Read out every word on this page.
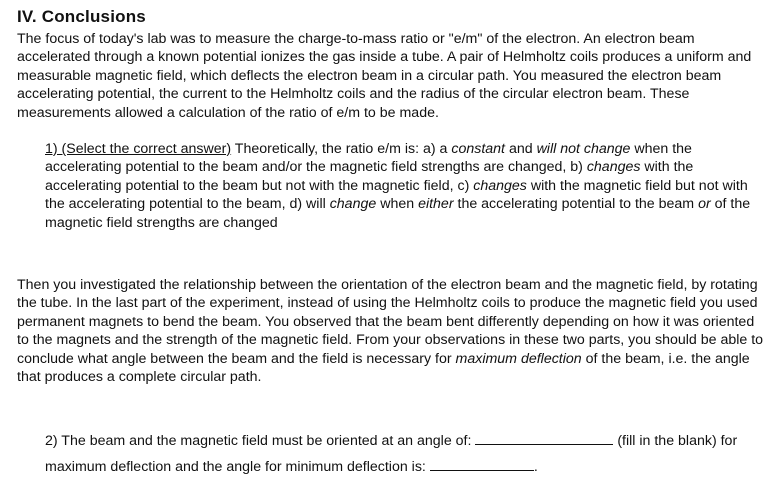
IV. Conclusions

The focus of today's lab was to measure the charge-to-mass ratio or "e/m" of the electron. An electron beam accelerated through a known potential ionizes the gas inside a tube. A pair of Helmholtz coils produces a uniform and measurable magnetic field, which deflects the electron beam in a circular path. You measured the electron beam accelerating potential, the current to the Helmholtz coils and the radius of the circular electron beam. These measurements allowed a calculation of the ratio of e/m to be made.

1) (Select the correct answer) Theoretically, the ratio e/m is: a) a constant and will not change when the accelerating potential to the beam and/or the magnetic field strengths are changed, b) changes with the accelerating potential to the beam but not with the magnetic field, c) changes with the magnetic field but not with the accelerating potential to the beam, d) will change when either the accelerating potential to the beam or of the magnetic field strengths are changed

Then you investigated the relationship between the orientation of the electron beam and the magnetic field, by rotating the tube. In the last part of the experiment, instead of using the Helmholtz coils to produce the magnetic field you used permanent magnets to bend the beam. You observed that the beam bent differently depending on how it was oriented to the magnets and the strength of the magnetic field. From your observations in these two parts, you should be able to conclude what angle between the beam and the field is necessary for maximum deflection of the beam, i.e. the angle that produces a complete circular path.

2) The beam and the magnetic field must be oriented at an angle of:	(fill in the blank) for maximum deflection and the angle for minimum deflection is:	.
